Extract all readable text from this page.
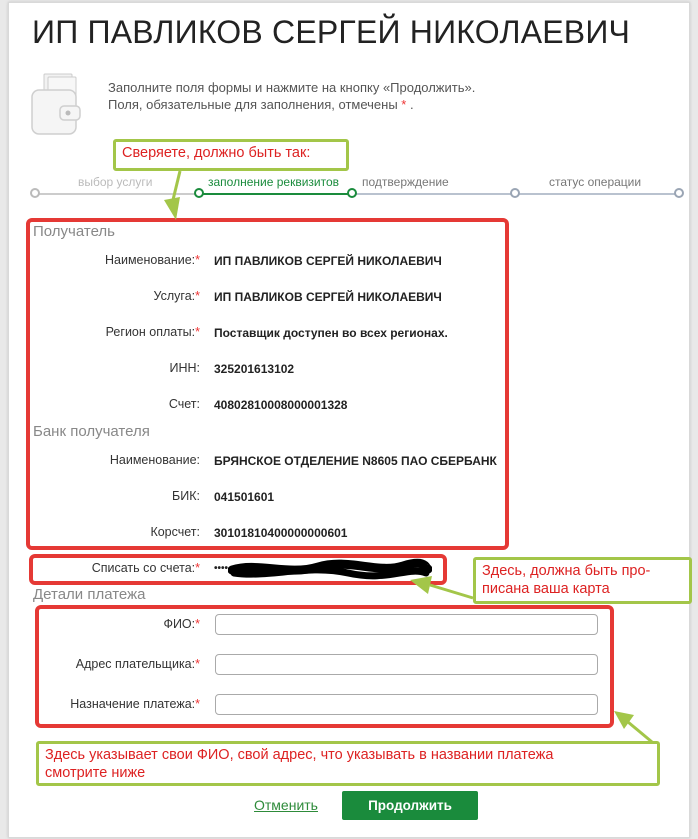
ИП ПАВЛИКОВ СЕРГЕЙ НИКОЛАЕВИЧ
Заполните поля формы и нажмите на кнопку «Продолжить».
Поля, обязательные для заполнения, отмечены * .
выбор услуги	заполнение реквизитов подтверждение	статус операции
Получатель
Наименование:* ИП ПАВЛИКОВ СЕРГЕЙ НИКОЛАЕВИЧ
Услуга:* ИП ПАВЛИКОВ СЕРГЕЙ НИКОЛАЕВИЧ
Регион оплаты:* Поставщик доступен во всех регионах.
ИНН: 325201613102
Счет: 40802810008000001328
Банк получателя
Наименование: БРЯНСКОЕ ОТДЕЛЕНИЕ N8605 ПАО СБЕРБАНК
БИК: 041501601
Корсчет: 30101810400000000601
Списать со счета:* ••••
Детали платежа
ФИО:*
Адрес плательщика:*
Назначение платежа:*
Сверяете, должно быть так:
Здесь, должна быть про-
писана ваша карта
Здесь указывает свои ФИО, свой адрес, что указывать в названии платежа
смотрите ниже
Отменить	Продолжить
